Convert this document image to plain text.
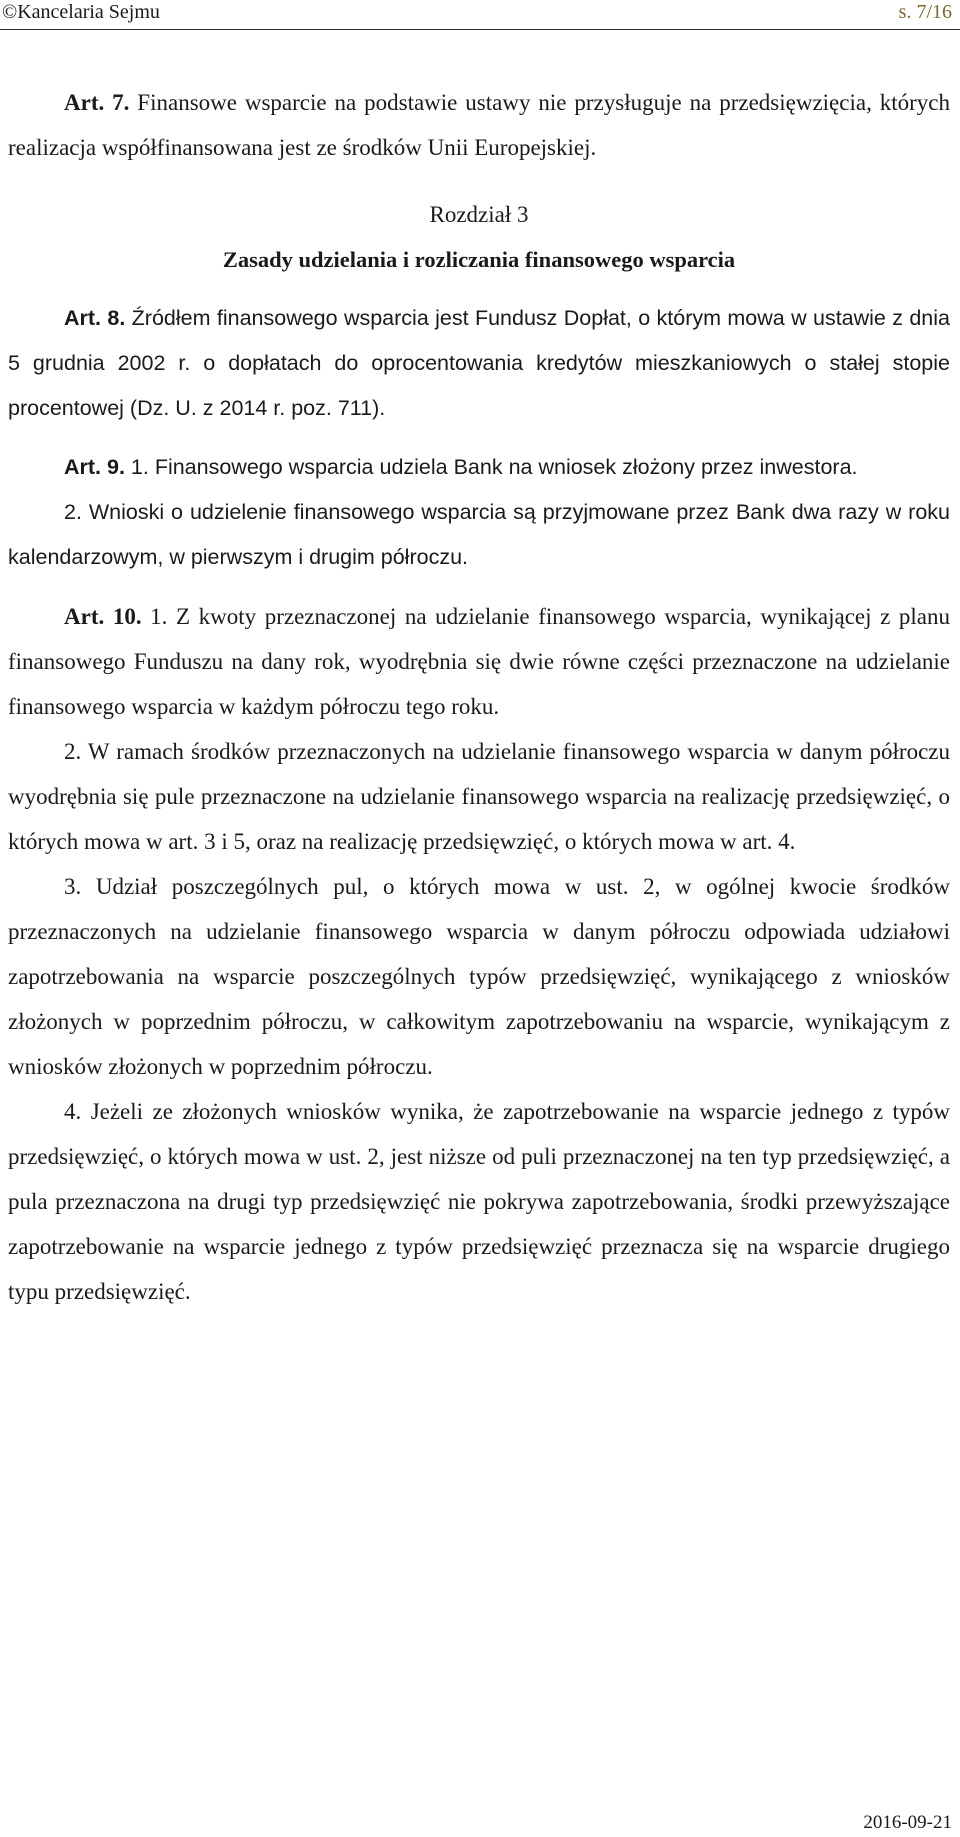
©Kancelaria Sejmu	s. 7/16

Art. 7. Finansowe wsparcie na podstawie ustawy nie przysługuje na przedsięwzięcia, których realizacja współfinansowana jest ze środków Unii Europejskiej.

Rozdział 3

Zasady udzielania i rozliczania finansowego wsparcia

Art. 8. Źródłem finansowego wsparcia jest Fundusz Dopłat, o którym mowa w ustawie z dnia 5 grudnia 2002 r. o dopłatach do oprocentowania kredytów mieszkaniowych o stałej stopie procentowej (Dz. U. z 2014 r. poz. 711).

Art. 9. 1. Finansowego wsparcia udziela Bank na wniosek złożony przez inwestora.

2. Wnioski o udzielenie finansowego wsparcia są przyjmowane przez Bank dwa razy w roku kalendarzowym, w pierwszym i drugim półroczu.

Art. 10. 1. Z kwoty przeznaczonej na udzielanie finansowego wsparcia, wynikającej z planu finansowego Funduszu na dany rok, wyodrębnia się dwie równe części przeznaczone na udzielanie finansowego wsparcia w każdym półroczu tego roku.

2. W ramach środków przeznaczonych na udzielanie finansowego wsparcia w danym półroczu wyodrębnia się pule przeznaczone na udzielanie finansowego wsparcia na realizację przedsięwzięć, o których mowa w art. 3 i 5, oraz na realizację przedsięwzięć, o których mowa w art. 4.

3. Udział poszczególnych pul, o których mowa w ust. 2, w ogólnej kwocie środków przeznaczonych na udzielanie finansowego wsparcia w danym półroczu odpowiada udziałowi zapotrzebowania na wsparcie poszczególnych typów przedsięwzięć, wynikającego z wniosków złożonych w poprzednim półroczu, w całkowitym zapotrzebowaniu na wsparcie, wynikającym z wniosków złożonych w poprzednim półroczu.

4. Jeżeli ze złożonych wniosków wynika, że zapotrzebowanie na wsparcie jednego z typów przedsięwzięć, o których mowa w ust. 2, jest niższe od puli przeznaczonej na ten typ przedsięwzięć, a pula przeznaczona na drugi typ przedsięwzięć nie pokrywa zapotrzebowania, środki przewyższające zapotrzebowanie na wsparcie jednego z typów przedsięwzięć przeznacza się na wsparcie drugiego typu przedsięwzięć.

2016-09-21
